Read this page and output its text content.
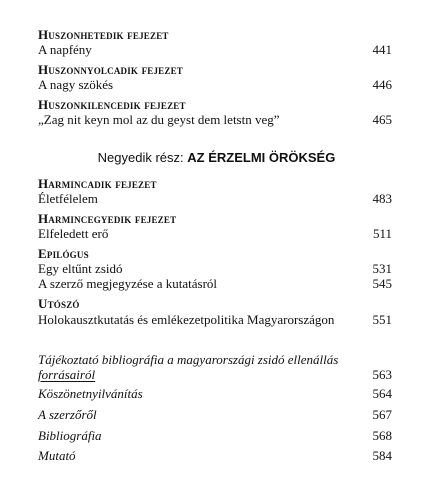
Huszonhetedik fejezet
A napfény	441
Huszonnyolcadik fejezet
A nagy szökés	446
Huszonkilencedik fejezet
„Zag nit keyn mol az du geyst dem letstn veg”	465
Negyedik rész: AZ ÉRZELMI ÖRÖKSÉG
Harmincadik fejezet
Életfélelem	483
Harmincegyedik fejezet
Elfeledett erő	511
Epilógus
Egy eltűnt zsidó	531
A szerző megjegyzése a kutatásról	545
Utószó
Holokausztkutatás és emlékezetpolitika Magyarországon	551
Tájékoztató bibliográfia a magyarországi zsidó ellenállás
forrásairól	563
Köszönetnyilvánítás	564
A szerzőről	567
Bibliográfia	568
Mutató	584
